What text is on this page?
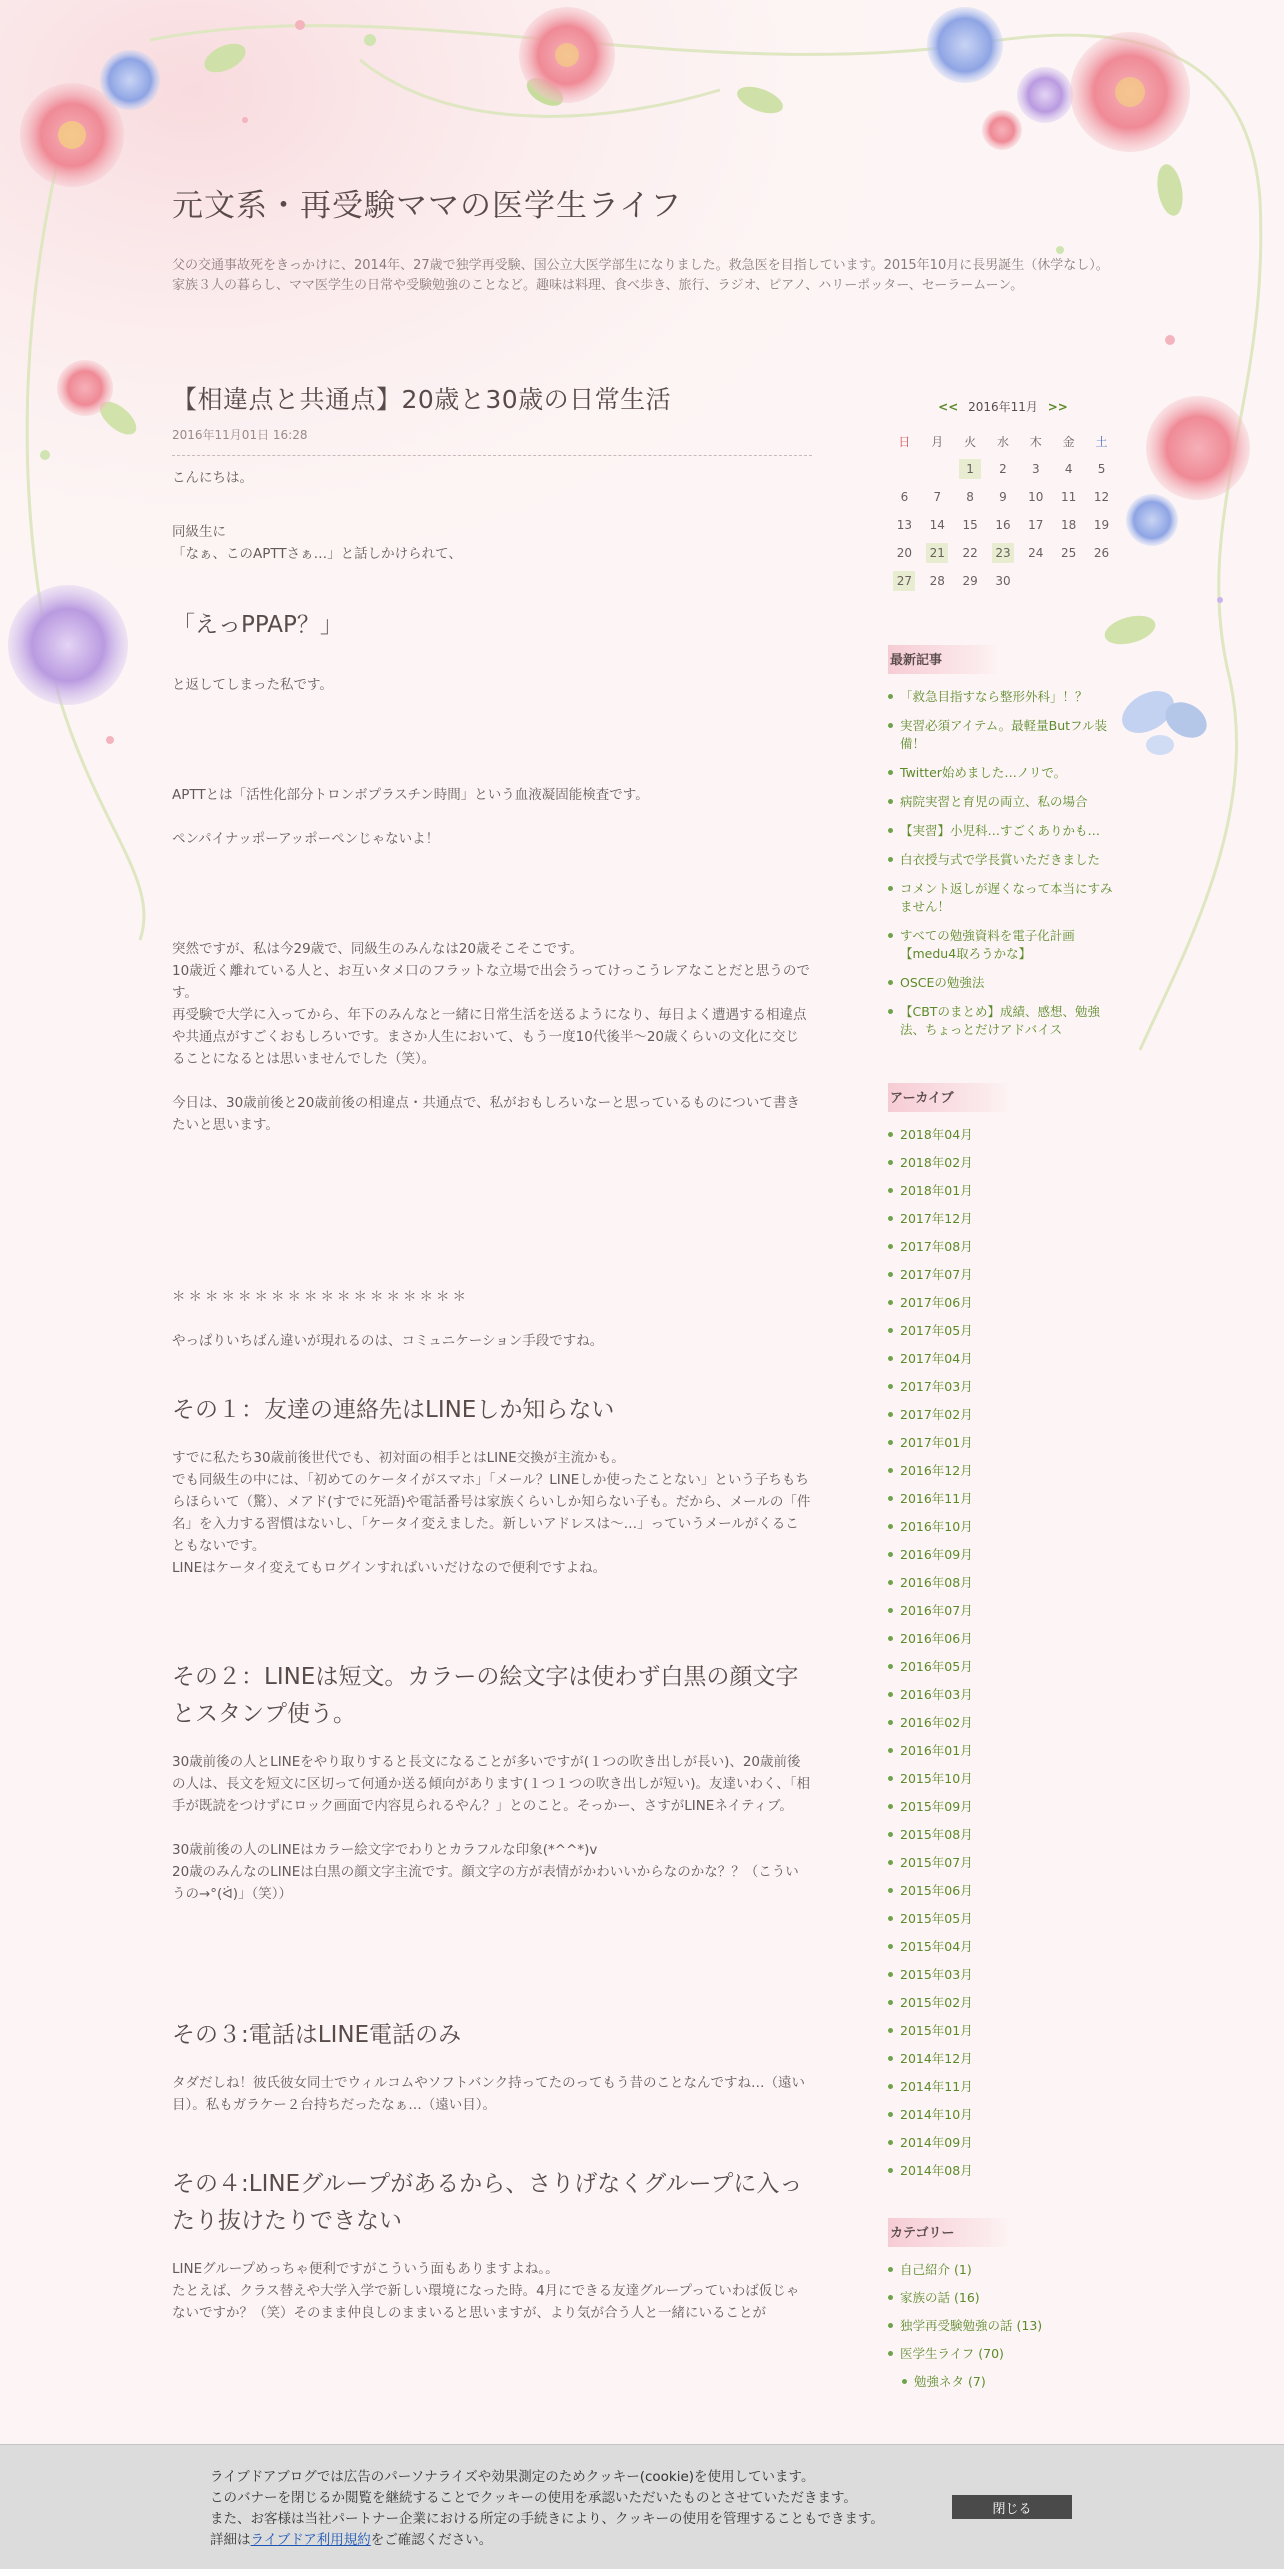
元文系・再受験ママの医学生ライフ

父の交通事故死をきっかけに、2014年、27歳で独学再受験、国公立大医学部生になりました。救急医を目指しています。2015年10月に長男誕生（休学なし）。家族３人の暮らし、ママ医学生の日常や受験勉強のことなど。趣味は料理、食べ歩き、旅行、ラジオ、ピアノ、ハリーポッター、セーラームーン。

【相違点と共通点】20歳と30歳の日常生活
2016年11月01日 16:28

こんにちは。

同級生に
「なぁ、このAPTTさぁ…」と話しかけられて、

「えっPPAP？」

と返してしまった私です。

APTTとは「活性化部分トロンボプラスチン時間」という血液凝固能検査です。

ペンパイナッポーアッポーペンじゃないよ！

突然ですが、私は今29歳で、同級生のみんなは20歳そこそこです。
10歳近く離れている人と、お互いタメ口のフラットな立場で出会うってけっこうレアなことだと思うのです。
再受験で大学に入ってから、年下のみんなと一緒に日常生活を送るようになり、毎日よく遭遇する相違点や共通点がすごくおもしろいです。まさか人生において、もう一度10代後半～20歳くらいの文化に交じることになるとは思いませんでした（笑）。

今日は、30歳前後と20歳前後の相違点・共通点で、私がおもしろいなーと思っているものについて書きたいと思います。

＊＊＊＊＊＊＊＊＊＊＊＊＊＊＊＊＊＊

やっぱりいちばん違いが現れるのは、コミュニケーション手段ですね。

その１：友達の連絡先はLINEしか知らない

すでに私たち30歳前後世代でも、初対面の相手とはLINE交換が主流かも。
でも同級生の中には、「初めてのケータイがスマホ」「メール？LINEしか使ったことない」という子ちもちらほらいて（驚）、メアド(すでに死語)や電話番号は家族くらいしか知らない子も。だから、メールの「件名」を入力する習慣はないし、「ケータイ変えました。新しいアドレスは〜…」っていうメールがくることもないです。
LINEはケータイ変えてもログインすればいいだけなので便利ですよね。

その２：LINEは短文。カラーの絵文字は使わず白黒の顔文字とスタンプ使う。

30歳前後の人とLINEをやり取りすると長文になることが多いですが(１つの吹き出しが長い)、20歳前後の人は、長文を短文に区切って何通か送る傾向があります(１つ１つの吹き出しが短い)。友達いわく、「相手が既読をつけずにロック画面で内容見られるやん？」とのこと。そっかー、さすがLINEネイティブ。

30歳前後の人のLINEはカラー絵文字でわりとカラフルな印象(*^^*)v
20歳のみんなのLINEは白黒の顔文字主流です。顔文字の方が表情がかわいいからなのかな？？（こういうの→°(ᐛ)」（笑））

その３:電話はLINE電話のみ

タダだしね！彼氏彼女同士でウィルコムやソフトバンク持ってたのってもう昔のことなんですね…（遠い目）。私もガラケー２台持ちだったなぁ…（遠い目）。

その４:LINEグループがあるから、さりげなくグループに入ったり抜けたりできない

LINEグループめっちゃ便利ですがこういう面もありますよね。。
たとえば、クラス替えや大学入学で新しい環境になった時。4月にできる友達グループっていわば仮じゃないですか？（笑）そのまま仲良しのままいると思いますが、より気が合う人と一緒にいることが

<< 2016年11月 >>
日	月	火	水	木	金	土
		1	2	3	4	5
6	7	8	9	10	11	12
13	14	15	16	17	18	19
20	21	22	23	24	25	26
27	28	29	30			
最新記事
「救急目指すなら整形外科」！？
実習必須アイテム。最軽量Butフル装備！
Twitter始めました…ノリで。
病院実習と育児の両立、私の場合
【実習】小児科…すごくありかも…
白衣授与式で学長賞いただきました
コメント返しが遅くなって本当にすみません！
すべての勉強資料を電子化計画【medu4取ろうかな】
OSCEの勉強法
【CBTのまとめ】成績、感想、勉強法、ちょっとだけアドバイス
アーカイブ
2018年04月
2018年02月
2018年01月
2017年12月
2017年08月
2017年07月
2017年06月
2017年05月
2017年04月
2017年03月
2017年02月
2017年01月
2016年12月
2016年11月
2016年10月
2016年09月
2016年08月
2016年07月
2016年06月
2016年05月
2016年03月
2016年02月
2016年01月
2015年10月
2015年09月
2015年08月
2015年07月
2015年06月
2015年05月
2015年04月
2015年03月
2015年02月
2015年01月
2014年12月
2014年11月
2014年10月
2014年09月
2014年08月
カテゴリー
自己紹介 (1)
家族の話 (16)
独学再受験勉強の話 (13)
医学生ライフ (70)
勉強ネタ (7)
ライブドアブログでは広告のパーソナライズや効果測定のためクッキー(cookie)を使用しています。
このバナーを閉じるか閲覧を継続することでクッキーの使用を承認いただいたものとさせていただきます。
また、お客様は当社パートナー企業における所定の手続きにより、クッキーの使用を管理することもできます。
詳細はライブドア利用規約をご確認ください。
閉じる
